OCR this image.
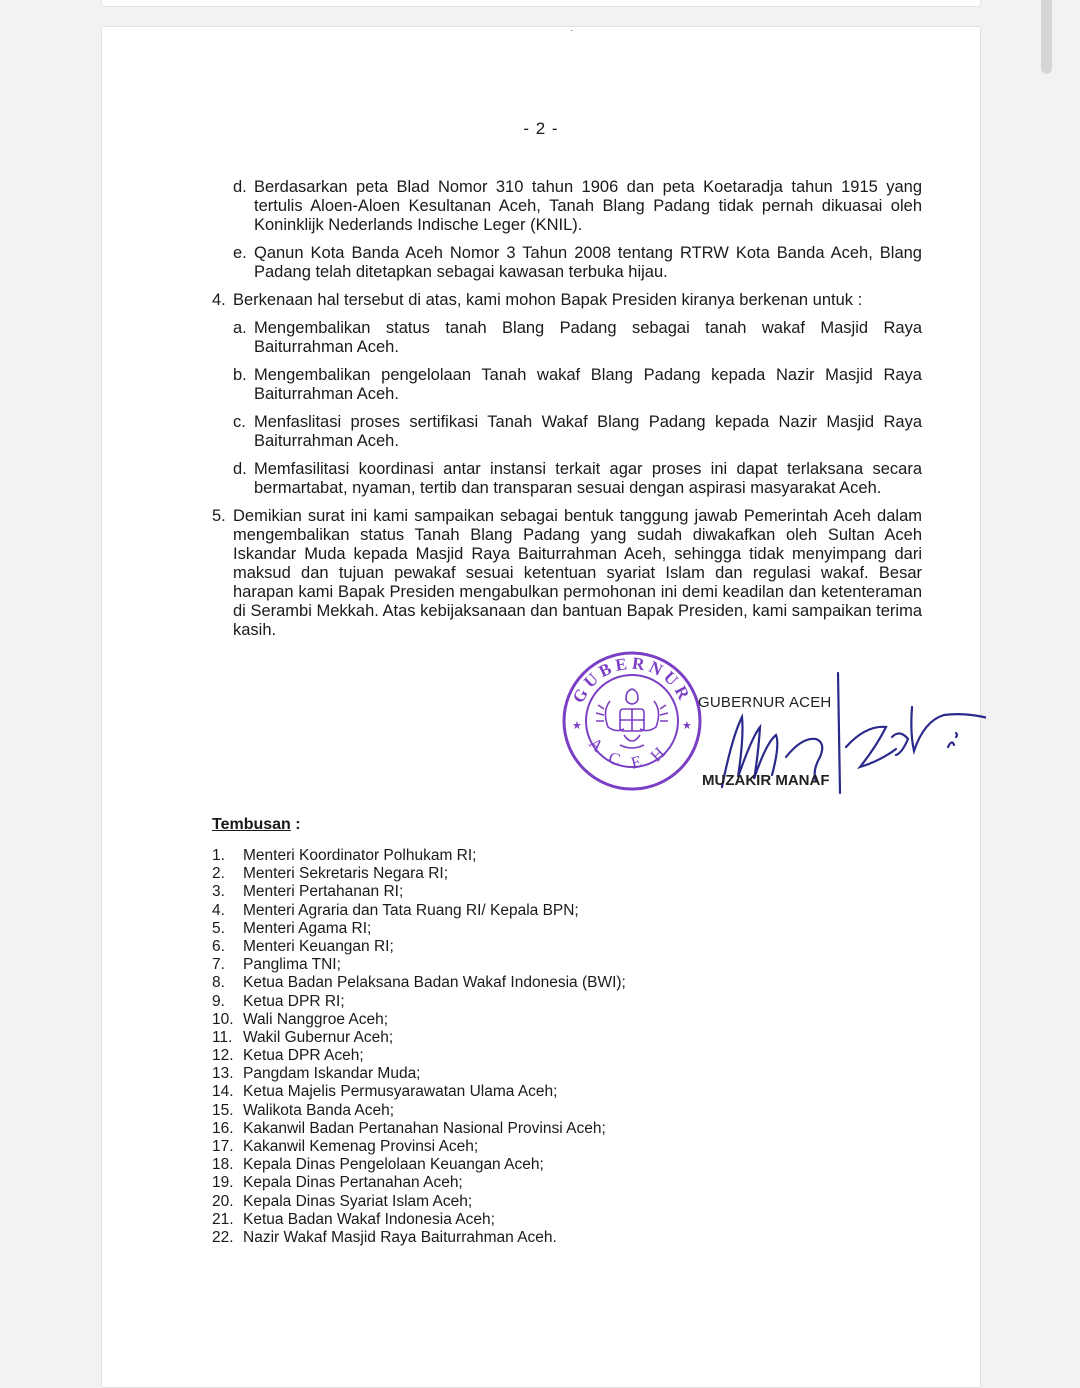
·
- 2 -
d. Berdasarkan peta Blad Nomor 310 tahun 1906 dan peta Koetaradja tahun 1915 yang tertulis Aloen-Aloen Kesultanan Aceh, Tanah Blang Padang tidak pernah dikuasai oleh Koninklijk Nederlands Indische Leger (KNIL).
e. Qanun Kota Banda Aceh Nomor 3 Tahun 2008 tentang RTRW Kota Banda Aceh, Blang Padang telah ditetapkan sebagai kawasan terbuka hijau.
4. Berkenaan hal tersebut di atas, kami mohon Bapak Presiden kiranya berkenan untuk :
a. Mengembalikan status tanah Blang Padang sebagai tanah wakaf Masjid Raya Baiturrahman Aceh.
b. Mengembalikan pengelolaan Tanah wakaf Blang Padang kepada Nazir Masjid Raya Baiturrahman Aceh.
c. Menfaslitasi proses sertifikasi Tanah Wakaf Blang Padang kepada Nazir Masjid Raya Baiturrahman Aceh.
d. Memfasilitasi koordinasi antar instansi terkait agar proses ini dapat terlaksana secara bermartabat, nyaman, tertib dan transparan sesuai dengan aspirasi masyarakat Aceh.
5. Demikian surat ini kami sampaikan sebagai bentuk tanggung jawab Pemerintah Aceh dalam mengembalikan status Tanah Blang Padang yang sudah diwakafkan oleh Sultan Aceh Iskandar Muda kepada Masjid Raya Baiturrahman Aceh, sehingga tidak menyimpang dari maksud dan tujuan pewakaf sesuai ketentuan syariat Islam dan regulasi wakaf. Besar harapan kami Bapak Presiden mengabulkan permohonan ini demi keadilan dan ketenteraman di Serambi Mekkah. Atas kebijaksanaan dan bantuan Bapak Presiden, kami sampaikan terima kasih.
GUBERNUR
ACEH
★	★
GUBERNUR ACEH
MUZAKIR MANAF
Tembusan :
1. Menteri Koordinator Polhukam RI;
2. Menteri Sekretaris Negara RI;
3. Menteri Pertahanan RI;
4. Menteri Agraria dan Tata Ruang RI/ Kepala BPN;
5. Menteri Agama RI;
6. Menteri Keuangan RI;
7. Panglima TNI;
8. Ketua Badan Pelaksana Badan Wakaf Indonesia (BWI);
9. Ketua DPR RI;
10. Wali Nanggroe Aceh;
11. Wakil Gubernur Aceh;
12. Ketua DPR Aceh;
13. Pangdam Iskandar Muda;
14. Ketua Majelis Permusyarawatan Ulama Aceh;
15. Walikota Banda Aceh;
16. Kakanwil Badan Pertanahan Nasional Provinsi Aceh;
17. Kakanwil Kemenag Provinsi Aceh;
18. Kepala Dinas Pengelolaan Keuangan Aceh;
19. Kepala Dinas Pertanahan Aceh;
20. Kepala Dinas Syariat Islam Aceh;
21. Ketua Badan Wakaf Indonesia Aceh;
22. Nazir Wakaf Masjid Raya Baiturrahman Aceh.
